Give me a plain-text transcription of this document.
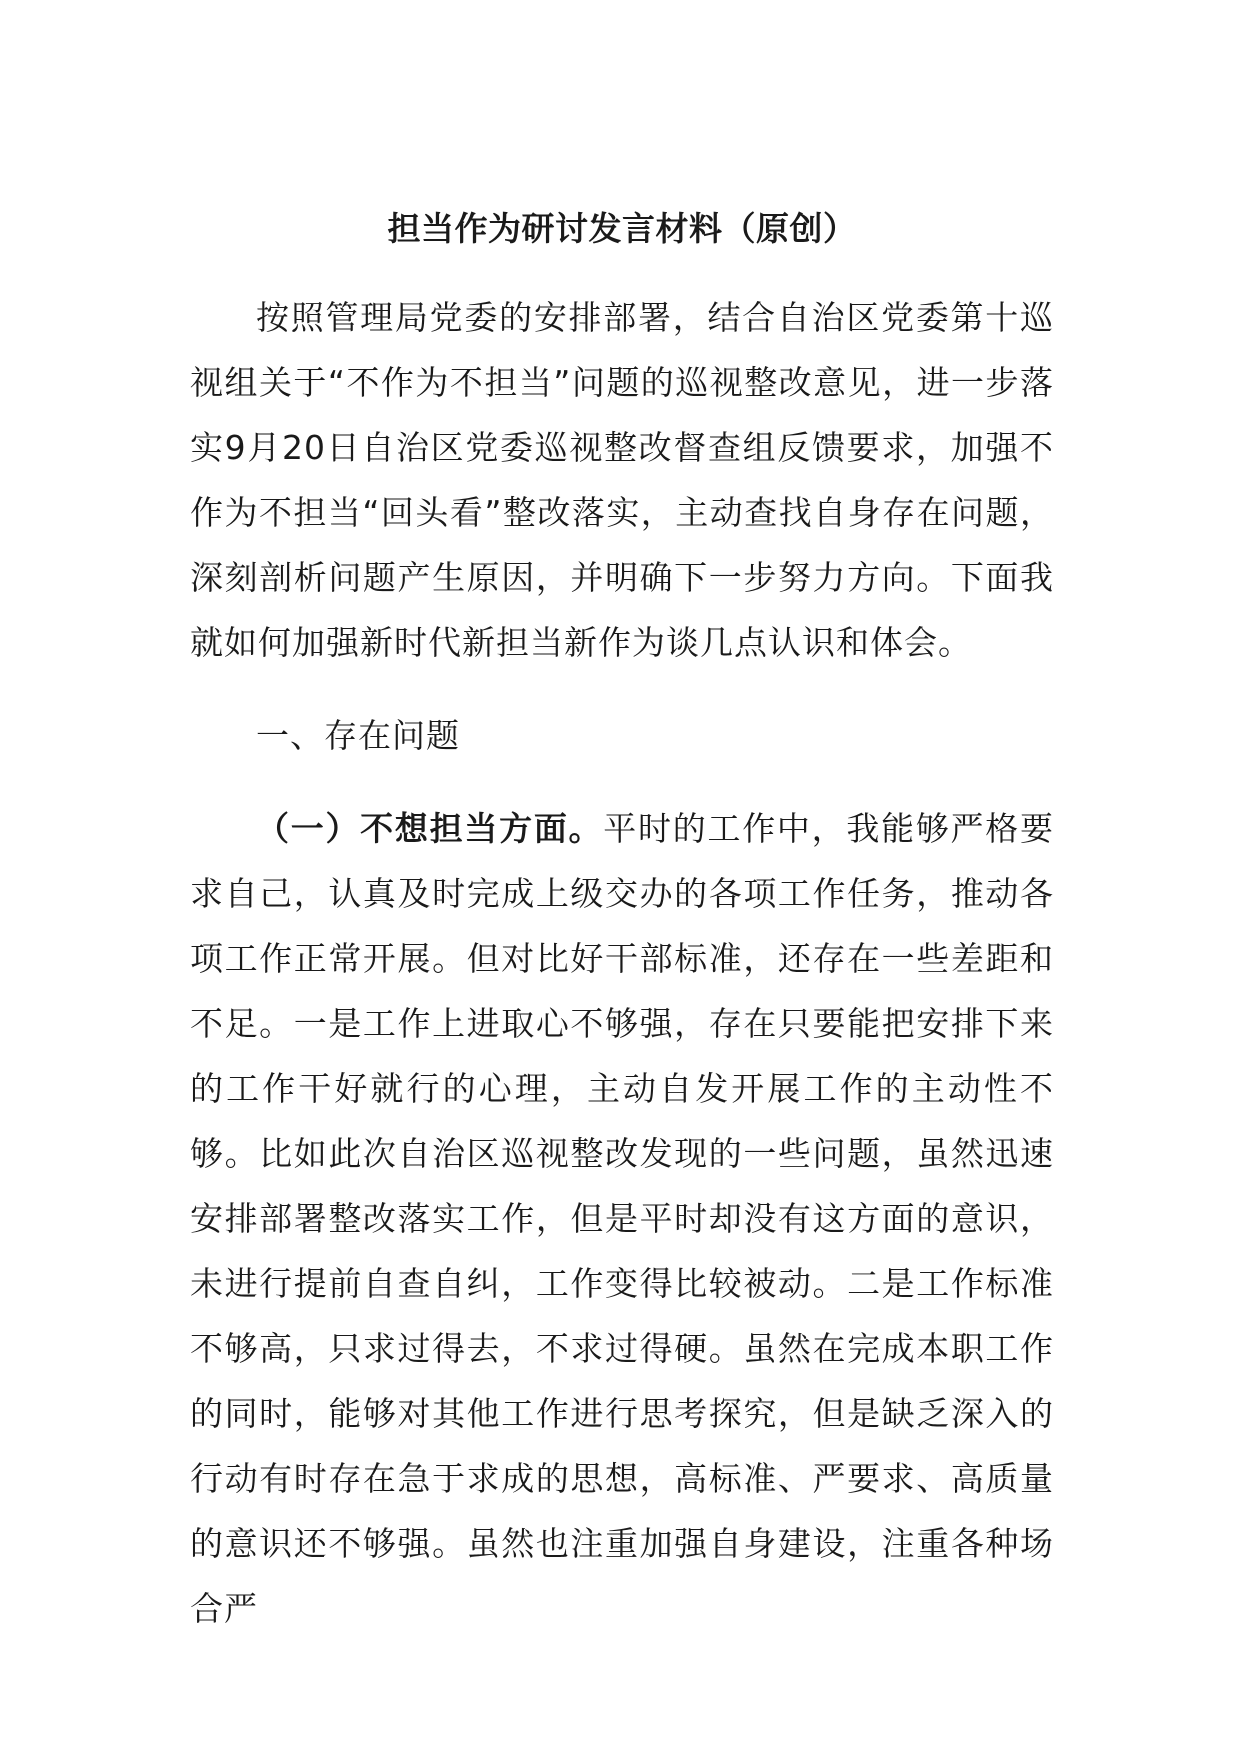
担当作为研讨发言材料（原创）

按照管理局党委的安排部署，结合自治区党委第十巡视组关于“不作为不担当”问题的巡视整改意见，进一步落实9月20日自治区党委巡视整改督查组反馈要求，加强不作为不担当“回头看”整改落实，主动查找自身存在问题，深刻剖析问题产生原因，并明确下一步努力方向。下面我就如何加强新时代新担当新作为谈几点认识和体会。

一、存在问题

（一）不想担当方面。平时的工作中，我能够严格要求自己，认真及时完成上级交办的各项工作任务，推动各项工作正常开展。但对比好干部标准，还存在一些差距和不足。一是工作上进取心不够强，存在只要能把安排下来的工作干好就行的心理，主动自发开展工作的主动性不够。比如此次自治区巡视整改发现的一些问题，虽然迅速安排部署整改落实工作，但是平时却没有这方面的意识，未进行提前自查自纠，工作变得比较被动。二是工作标准不够高，只求过得去，不求过得硬。虽然在完成本职工作的同时，能够对其他工作进行思考探究，但是缺乏深入的行动有时存在急于求成的思想，高标准、严要求、高质量的意识还不够强。虽然也注重加强自身建设，注重各种场合严
